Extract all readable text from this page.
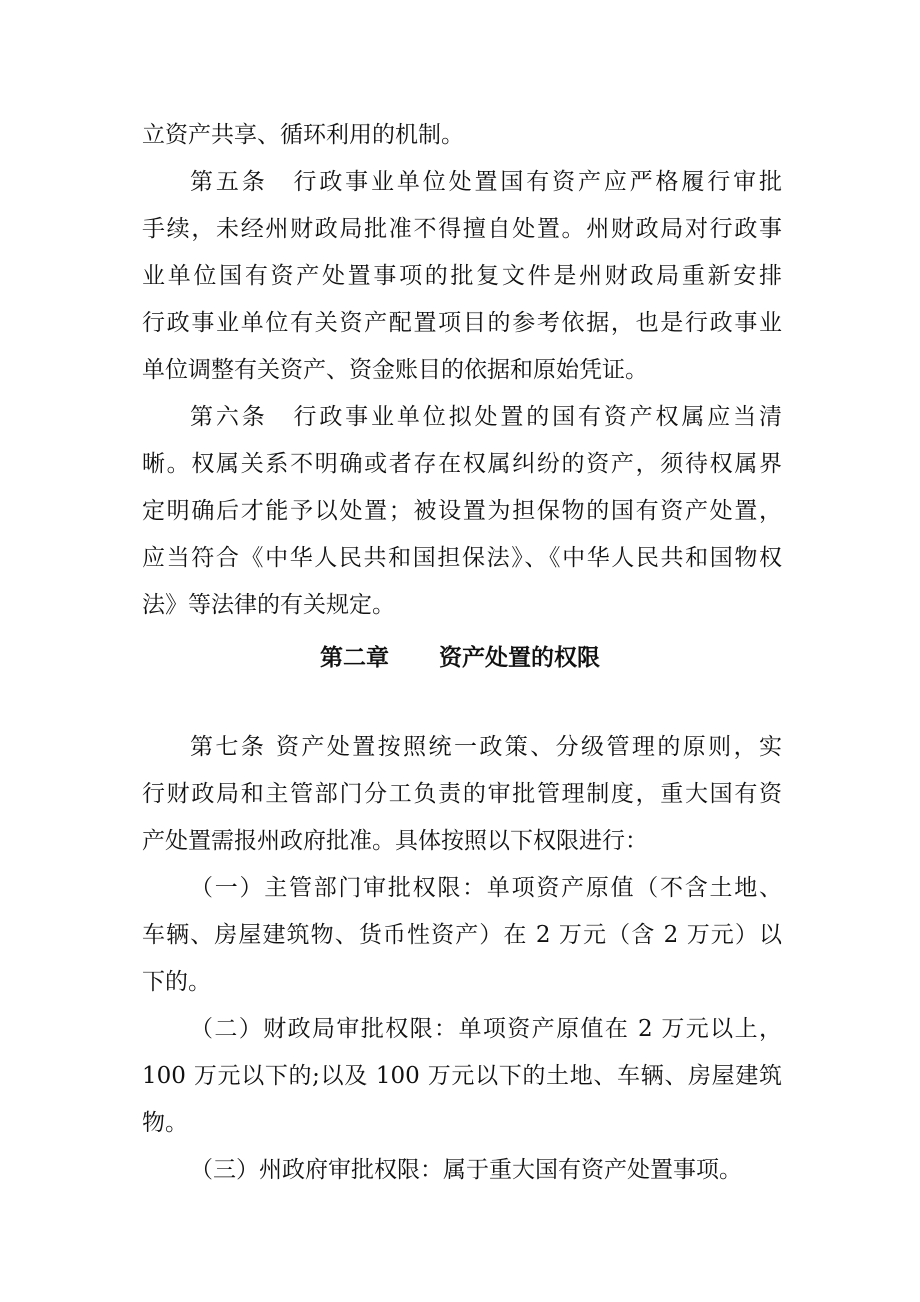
立资产共享、循环利用的机制。
第五条　行政事业单位处置国有资产应严格履行审批
手续，未经州财政局批准不得擅自处置。州财政局对行政事
业单位国有资产处置事项的批复文件是州财政局重新安排
行政事业单位有关资产配置项目的参考依据，也是行政事业
单位调整有关资产、资金账目的依据和原始凭证。
第六条　行政事业单位拟处置的国有资产权属应当清
晰。权属关系不明确或者存在权属纠纷的资产，须待权属界
定明确后才能予以处置；被设置为担保物的国有资产处置，
应当符合《中华人民共和国担保法》、《中华人民共和国物权
法》等法律的有关规定。
第二章 资产处置的权限
第七条 资产处置按照统一政策、分级管理的原则，实
行财政局和主管部门分工负责的审批管理制度，重大国有资
产处置需报州政府批准。具体按照以下权限进行：
（一）主管部门审批权限：单项资产原值（不含土地、
车辆、房屋建筑物、货币性资产）在 2 万元（含 2 万元）以
下的。
（二）财政局审批权限：单项资产原值在 2 万元以上，
100 万元以下的;以及 100 万元以下的土地、车辆、房屋建筑
物。
（三）州政府审批权限：属于重大国有资产处置事项。
